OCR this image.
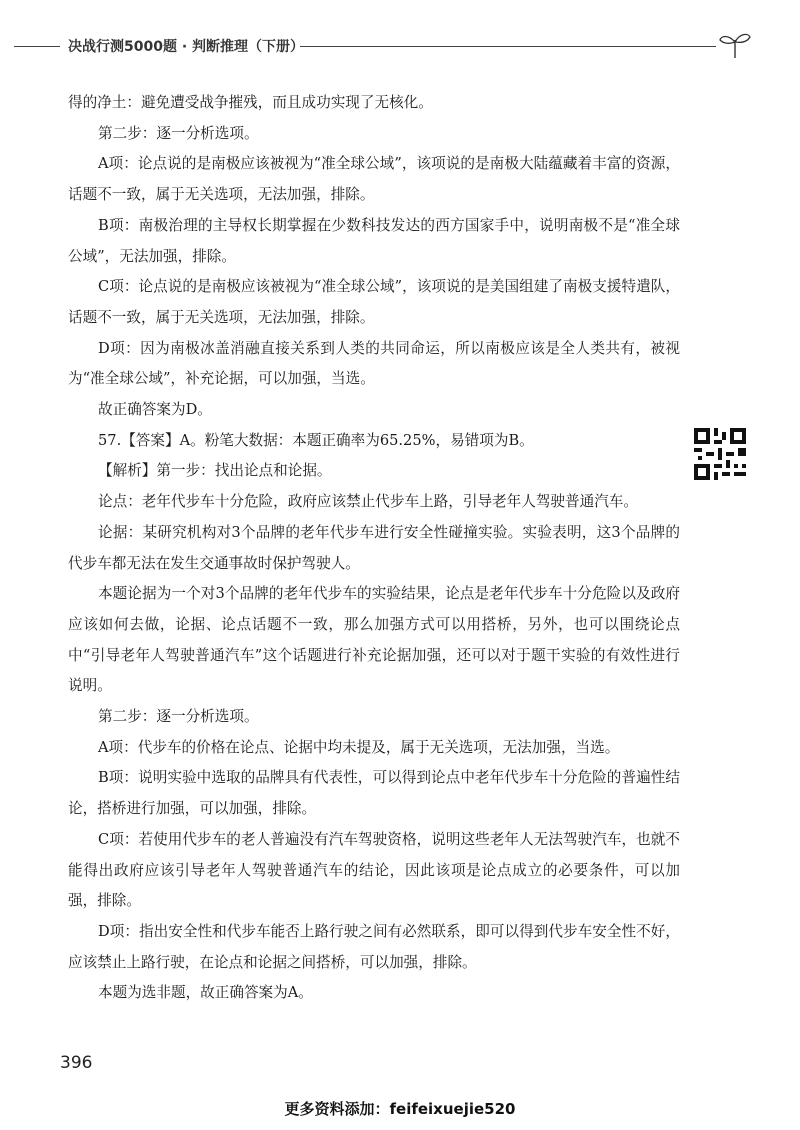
决战行测5000题 · 判断推理（下册）

得的净土：避免遭受战争摧残，而且成功实现了无核化。

第二步：逐一分析选项。

A项：论点说的是南极应该被视为“准全球公域”，该项说的是南极大陆蕴藏着丰富的资源，话题不一致，属于无关选项，无法加强，排除。

B项：南极治理的主导权长期掌握在少数科技发达的西方国家手中，说明南极不是“准全球公域”，无法加强，排除。

C项：论点说的是南极应该被视为“准全球公域”，该项说的是美国组建了南极支援特遣队，话题不一致，属于无关选项，无法加强，排除。

D项：因为南极冰盖消融直接关系到人类的共同命运，所以南极应该是全人类共有，被视为“准全球公域”，补充论据，可以加强，当选。

故正确答案为D。

57.【答案】A。粉笔大数据：本题正确率为65.25%，易错项为B。

【解析】第一步：找出论点和论据。

论点：老年代步车十分危险，政府应该禁止代步车上路，引导老年人驾驶普通汽车。

论据：某研究机构对3个品牌的老年代步车进行安全性碰撞实验。实验表明，这3个品牌的代步车都无法在发生交通事故时保护驾驶人。

本题论据为一个对3个品牌的老年代步车的实验结果，论点是老年代步车十分危险以及政府应该如何去做，论据、论点话题不一致，那么加强方式可以用搭桥，另外，也可以围绕论点中“引导老年人驾驶普通汽车”这个话题进行补充论据加强，还可以对于题干实验的有效性进行说明。

第二步：逐一分析选项。

A项：代步车的价格在论点、论据中均未提及，属于无关选项，无法加强，当选。

B项：说明实验中选取的品牌具有代表性，可以得到论点中老年代步车十分危险的普遍性结论，搭桥进行加强，可以加强，排除。

C项：若使用代步车的老人普遍没有汽车驾驶资格，说明这些老年人无法驾驶汽车，也就不能得出政府应该引导老年人驾驶普通汽车的结论，因此该项是论点成立的必要条件，可以加强，排除。

D项：指出安全性和代步车能否上路行驶之间有必然联系，即可以得到代步车安全性不好，应该禁止上路行驶，在论点和论据之间搭桥，可以加强，排除。

本题为选非题，故正确答案为A。

396
更多资料添加：feifeixuejie520
